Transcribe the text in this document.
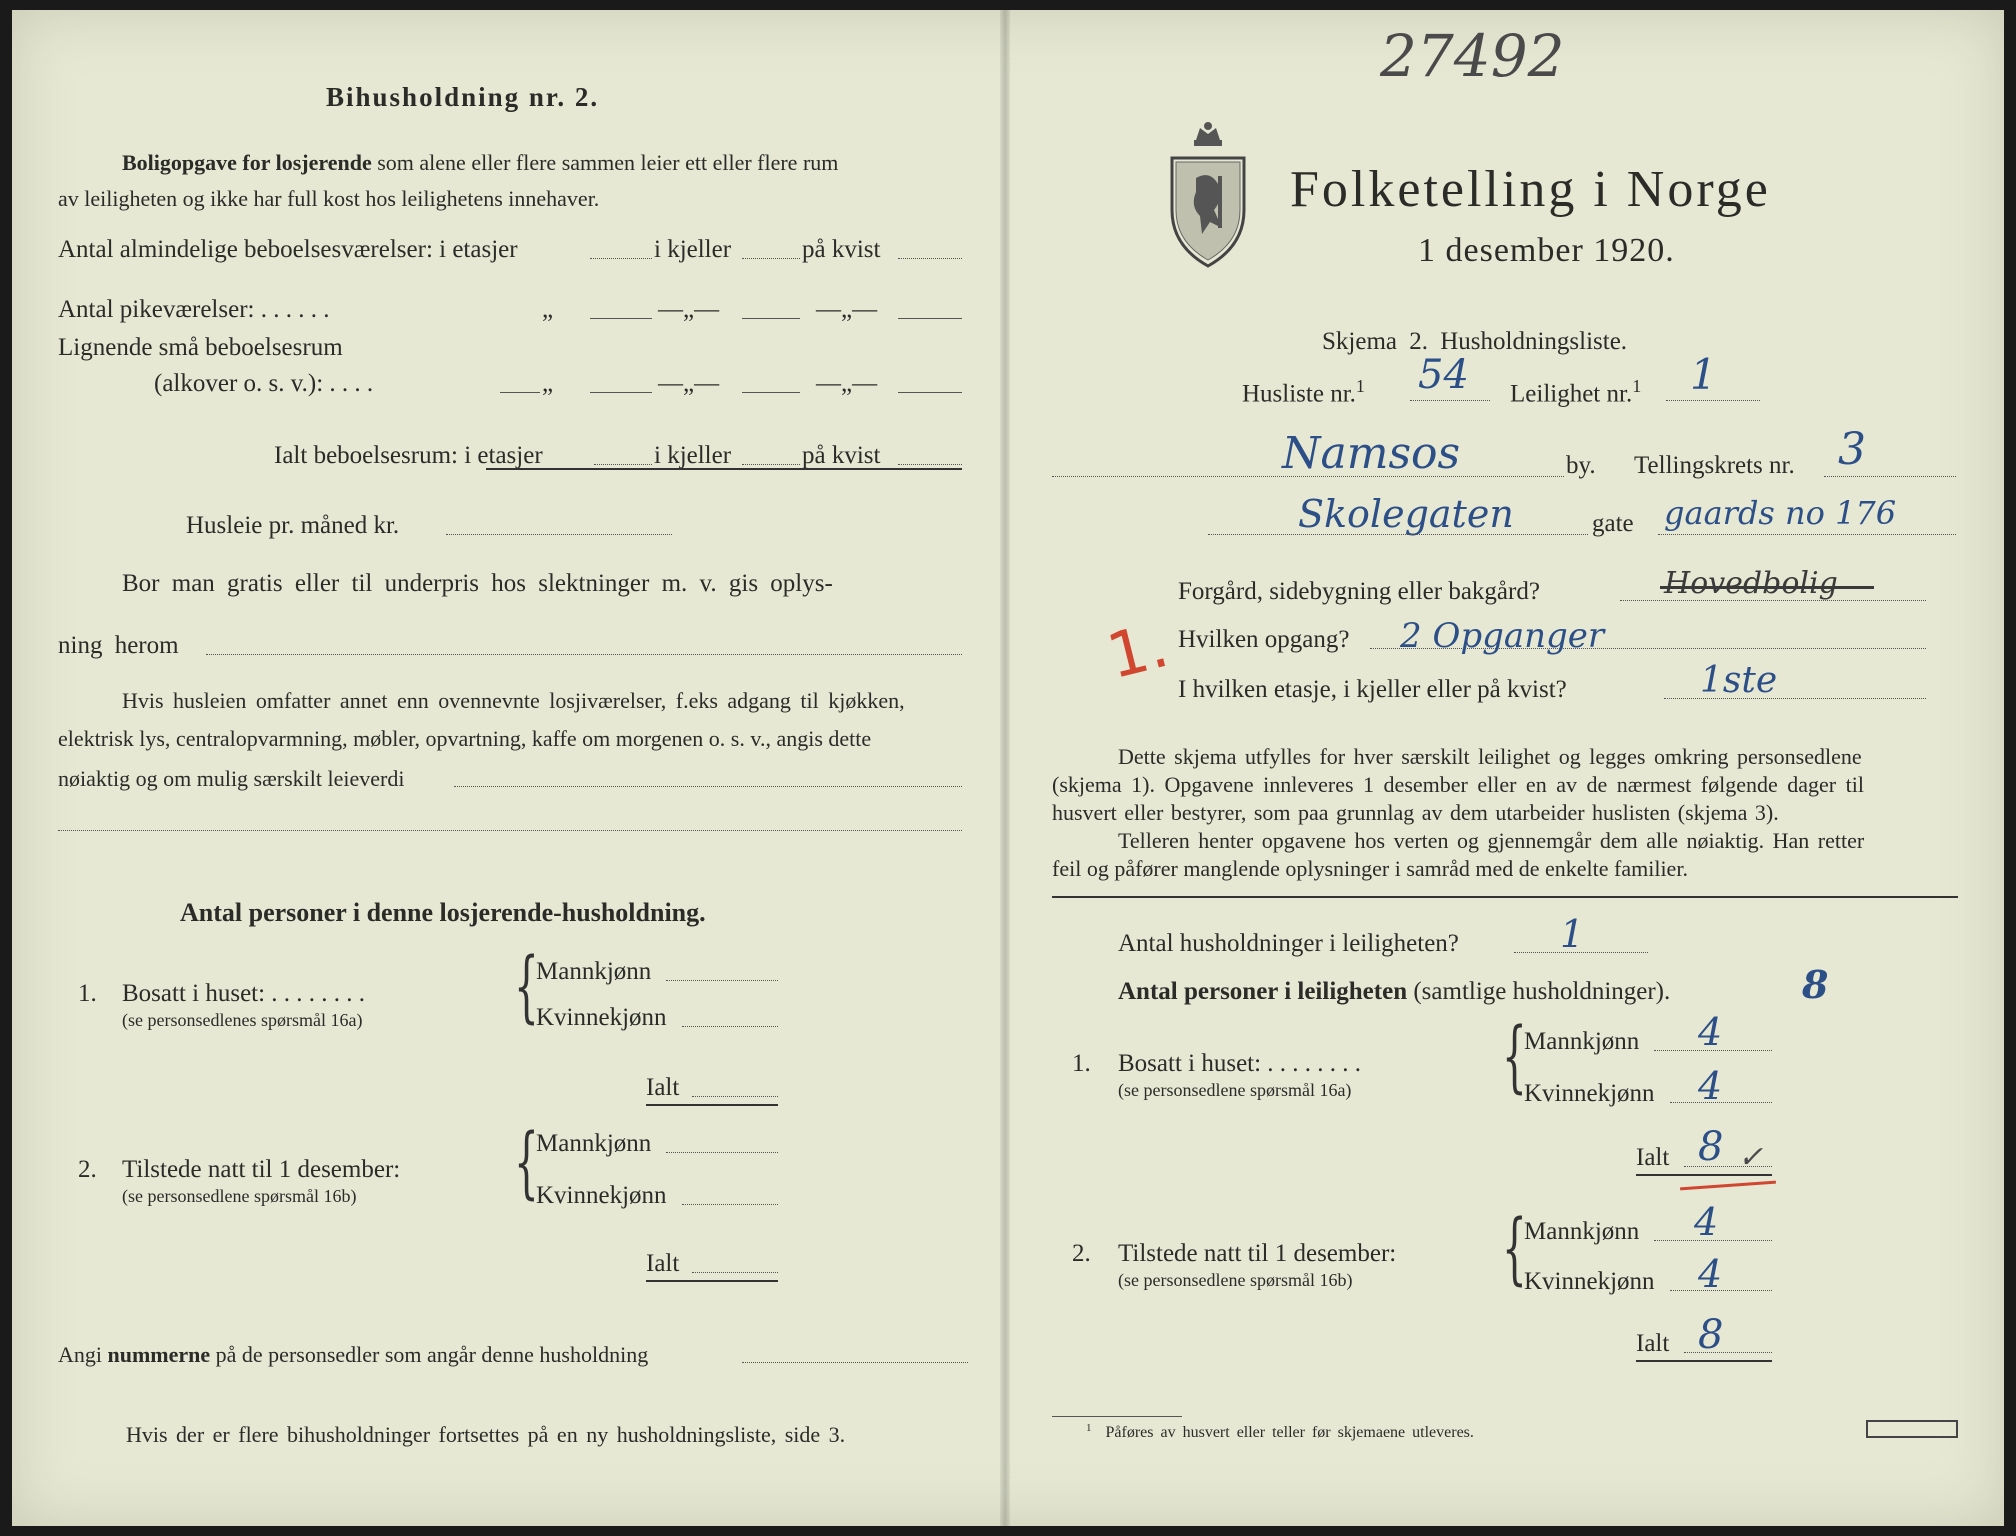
Bihusholdning nr. 2.
Boligopgave for losjerende som alene eller flere sammen leier ett eller flere rum
av leiligheten og ikke har full kost hos leilighetens innehaver.
Antal almindelige beboelsesværelser: i etasjer	i kjeller	på kvist
Antal pikeværelser: . . . . . .	„	—„—	—„—
Lignende små beboelsesrum
(alkover o. s. v.): . . . .	„	—„—	—„—
Ialt beboelsesrum: i etasjer	i kjeller	på kvist
Husleie pr. måned kr.
Bor man gratis eller til underpris hos slektninger m. v. gis oplys-
ning herom
Hvis husleien omfatter annet enn ovennevnte losjiværelser, f.eks adgang til kjøkken,
elektrisk lys, centralopvarmning, møbler, opvartning, kaffe om morgenen o. s. v., angis dette
nøiaktig og om mulig særskilt leieverdi
Antal personer i denne losjerende-husholdning.
1. Bosatt i huset: . . . . . . . .
(se personsedlenes spørsmål 16a) {
Mannkjønn
Kvinnekjønn
Ialt
2. Tilstede natt til 1 desember:
(se personsedlene spørsmål 16b) {
Mannkjønn
Kvinnekjønn
Ialt
Angi nummerne på de personsedler som angår denne husholdning
Hvis der er flere bihusholdninger fortsettes på en ny husholdningsliste, side 3.
27492
Folketelling i Norge
1 desember 1920.
Skjema 2. Husholdningsliste.
Husliste nr.$^1$ 54 Leilighet nr.$^1$ 1
Namsos	by. Tellingskrets nr. 3
Skolegaten	gate gaards no 176
Forgård, sidebygning eller bakgård?	Hovedbolig
1. Hvilken opgang? 2 Opganger
I hvilken etasje, i kjeller eller på kvist?	1ste
Dette skjema utfylles for hver særskilt leilighet og legges omkring personsedlene
(skjema 1). Opgavene innleveres 1 desember eller en av de nærmest følgende dager til
husvert eller bestyrer, som paa grunnlag av dem utarbeider huslisten (skjema 3).
Telleren henter opgavene hos verten og gjennemgår dem alle nøiaktig. Han retter
feil og påfører manglende oplysninger i samråd med de enkelte familier.
Antal husholdninger i leiligheten?	1
Antal personer i leiligheten (samtlige husholdninger).	8
1. Bosatt i huset: . . . . . . . .
(se personsedlene spørsmål 16a) {
Mannkjønn 4
Kvinnekjønn 4
Ialt 8 ✓
2. Tilstede natt til 1 desember:
(se personsedlene spørsmål 16b) {
Mannkjønn 4
Kvinnekjønn 4
Ialt 8
$^1$ Påføres av husvert eller teller før skjemaene utleveres.
